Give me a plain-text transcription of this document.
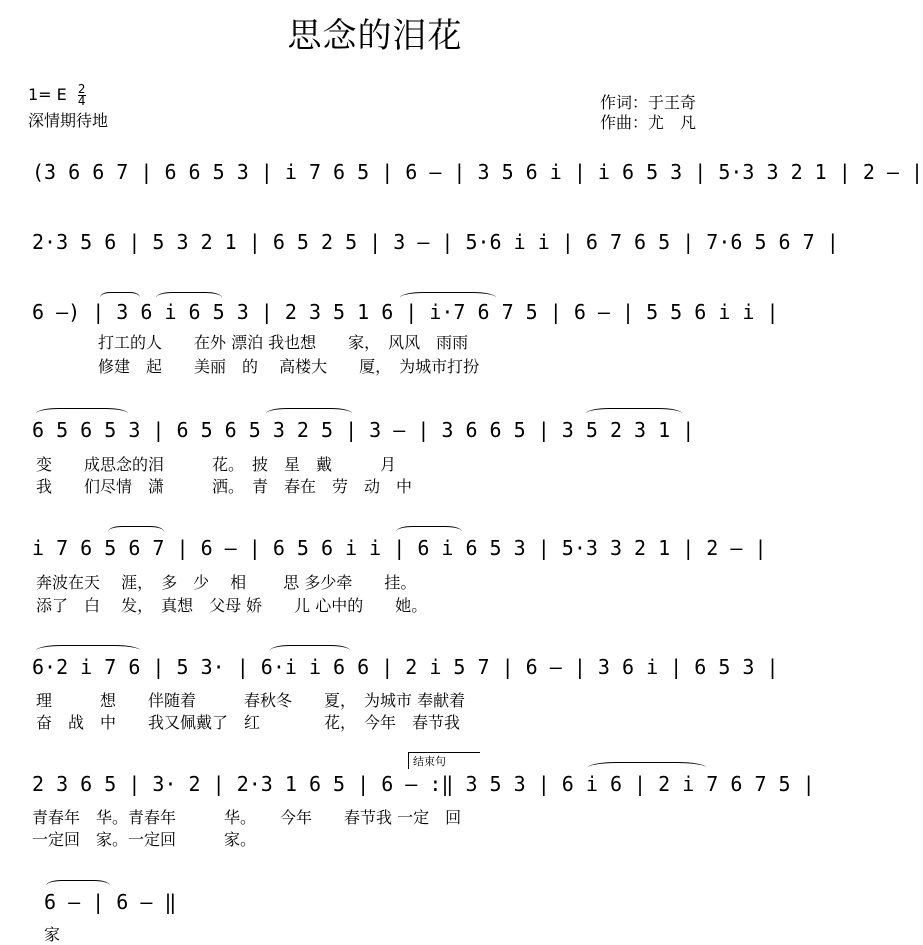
思念的泪花
1= E $\frac{2}{4}$
深情期待地
作词：于王奇
作曲：尤　凡
(3 6 6 7 | 6 6 5 3 | i 7 6 5 | 6 – | 3 5 6 i | i 6 5 3 | 5·3 3 2 1 | 2 – |
2·3 5 6 | 5 3 2 1 | 6 5 2 5 | 3 – | 5·6 i i | 6 7 6 5 | 7·6 5 6 7 |
6 –) | 3 6 i 6 5 3 | 2 3 5 1 6 | i·7 6 7 5 | 6 – | 5 5 6 i i |
打工的人　　在外 漂泊 我也想　　家，　风风　雨雨
修建　起　　美丽　的　 高楼大　　厦，　为城市打扮
6 5 6 5 3 | 6 5 6 5 3 2 5 | 3 – | 3 6 6 5 | 3 5 2 3 1 |
变　　成思念的泪　　　花。　披　星　戴　　　月
我　　们尽情　潇　　　洒。　青　春在　劳　动　中
i 7 6 5 6 7 | 6 – | 6 5 6 i i | 6 i 6 5 3 | 5·3 3 2 1 | 2 – |
奔波在天　 涯，　多　少　 相　　 思 多少牵　　挂。
添了　白　 发，　真想　父母 娇　　儿 心中的　　她。
6·2 i 7 6 | 5 3· | 6·i i 6 6 | 2 i 5 7 | 6 – | 3 6 i | 6 5 3 |
理　　　想　　伴随着　　　春秋冬　　夏，　为城市 奉献着
奋　战　中　　我又佩戴了　红　　　　花，　今年　春节我
结束句
2 3 6 5 | 3· 2 | 2·3 1 6 5 | 6 – :‖ 3 5 3 | 6 i 6 | 2 i 7 6 7 5 |
青春年　华。青春年　　　华。　　今年　　春节我 一定　回
一定回　家。一定回　　　家。
6 – | 6 – ‖
家
